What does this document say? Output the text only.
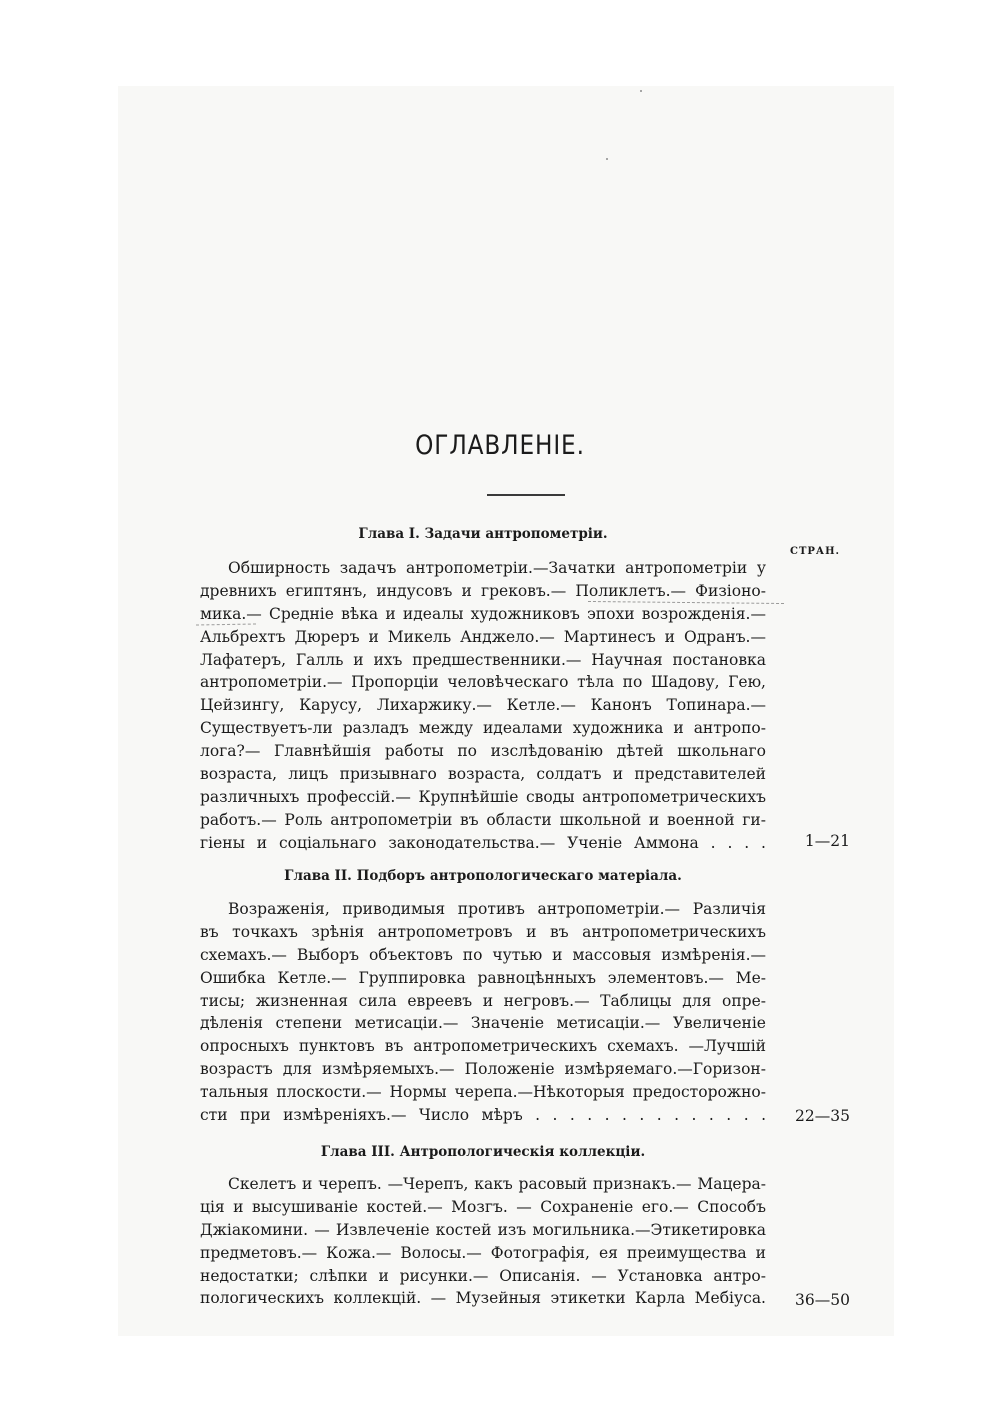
ОГЛАВЛЕНІЕ.

СТРАН.

Глава I. Задачи антропометріи.

Обширность задачъ антропометріи.—Зачатки антропометріи у
древнихъ египтянъ, индусовъ и грековъ.— Поликлетъ.— Физіоно-
мика.— Средніе вѣка и идеалы художниковъ эпохи возрожденія.—
Альбрехтъ Дюреръ и Микель Анджело.— Мартинесъ и Одранъ.—
Лафатеръ, Галль и ихъ предшественники.— Научная постановка
антропометріи.— Пропорціи человѣческаго тѣла по Шадову, Гею,
Цейзингу, Карусу, Лихаржику.— Кетле.— Канонъ Топинара.—
Существуетъ-ли разладъ между идеалами художника и антропо-
лога?— Главнѣйшія работы по изслѣдованію дѣтей школьнаго
возраста, лицъ призывнаго возраста, солдатъ и представителей
различныхъ профессій.— Крупнѣйшіе своды антропометрическихъ
работъ.— Роль антропометріи въ области школьной и военной ги-
гіены и соціальнаго законодательства.— Ученіе Аммона . . . .	1—21

Глава II. Подборъ антропологическаго матеріала.

Возраженія, приводимыя противъ антропометріи.— Различія
въ точкахъ зрѣнія антропометровъ и въ антропометрическихъ
схемахъ.— Выборъ объектовъ по чутью и массовыя измѣренія.—
Ошибка Кетле.— Группировка равноцѣнныхъ элементовъ.— Ме-
тисы; жизненная сила евреевъ и негровъ.— Таблицы для опре-
дѣленія степени метисаціи.— Значеніе метисаціи.— Увеличеніе
опросныхъ пунктовъ въ антропометрическихъ схемахъ. —Лучшій
возрастъ для измѣряемыхъ.— Положеніе измѣряемаго.—Горизон-
тальныя плоскости.— Нормы черепа.—Нѣкоторыя предосторожно-
сти при измѣреніяхъ.— Число мѣръ . . . . . . . . . . . . . .	22—35

Глава III. Антропологическія коллекціи.

Скелетъ и черепъ. —Черепъ, какъ расовый признакъ.— Мацера-
ція и высушиваніе костей.— Мозгъ. — Сохраненіе его.— Способъ
Джіакомини. — Извлеченіе костей изъ могильника.—Этикетировка
предметовъ.— Кожа.— Волосы.— Фотографія, ея преимущества и
недостатки; слѣпки и рисунки.— Описанія. — Установка антро-
пологическихъ коллекцій. — Музейныя этикетки Карла Мебіуса.	36—50
